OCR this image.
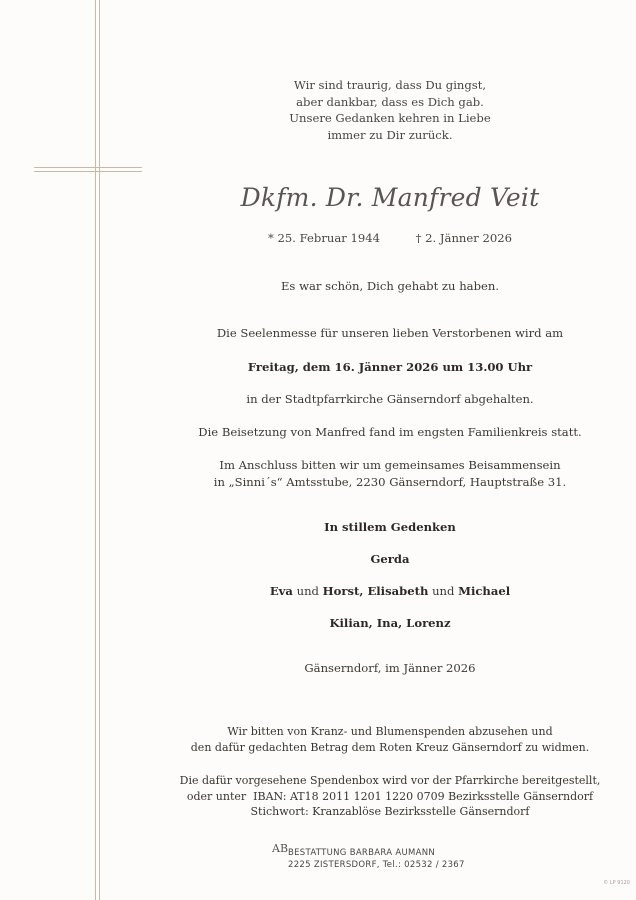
Wir sind traurig, dass Du gingst,
aber dankbar, dass es Dich gab.
Unsere Gedanken kehren in Liebe
immer zu Dir zurück.
Dkfm. Dr. Manfred Veit
* 25. Februar 1944	† 2. Jänner 2026
Es war schön, Dich gehabt zu haben.
Die Seelenmesse für unseren lieben Verstorbenen wird am
Freitag, dem 16. Jänner 2026 um 13.00 Uhr
in der Stadtpfarrkirche Gänserndorf abgehalten.
Die Beisetzung von Manfred fand im engsten Familienkreis statt.
Im Anschluss bitten wir um gemeinsames Beisammensein
in „Sinni´s“ Amtsstube, 2230 Gänserndorf, Hauptstraße 31.
In stillem Gedenken
Gerda
Eva und Horst, Elisabeth und Michael
Kilian, Ina, Lorenz
Gänserndorf, im Jänner 2026
Wir bitten von Kranz- und Blumenspenden abzusehen und
den dafür gedachten Betrag dem Roten Kreuz Gänserndorf zu widmen.
Die dafür vorgesehene Spendenbox wird vor der Pfarrkirche bereitgestellt,
oder unter  IBAN: AT18 2011 1201 1220 0709 Bezirksstelle Gänserndorf
Stichwort: Kranzablöse Bezirksstelle Gänserndorf
AB BESTATTUNG BARBARA AUMANN
2225 ZISTERSDORF, Tel.: 02532 / 2367
© LP 9120
